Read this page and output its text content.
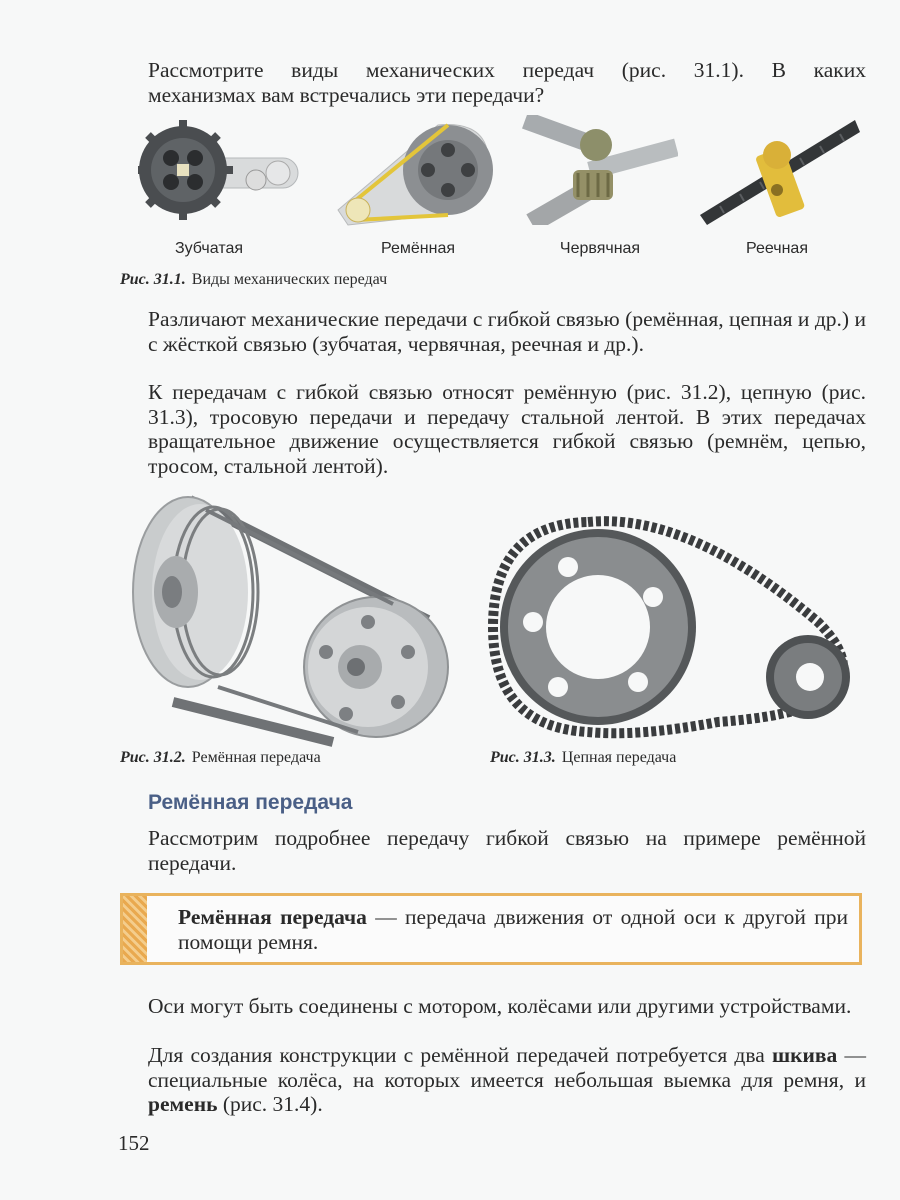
Рассмотрите виды механических передач (рис. 31.1). В каких
механизмах вам встречались эти передачи?
Зубчатая	Ремённая	Червячная	Реечная
Рис. 31.1. Виды механических передач
Различают механические передачи с гибкой связью (ремённая, цепная и др.) и с жёсткой связью (зубчатая, червячная, реечная и др.).
К передачам с гибкой связью относят ремённую (рис. 31.2), цепную (рис. 31.3), тросовую передачи и передачу стальной лентой. В этих передачах вращательное движение осуществляется гибкой связью (ремнём, цепью, тросом, стальной лентой).
Рис. 31.2. Ремённая передача	Рис. 31.3. Цепная передача
Ремённая передача
Рассмотрим подробнее передачу гибкой связью на примере ремённой передачи.
Ремённая передача — передача движения от одной оси к другой при помощи ремня.
Оси могут быть соединены с мотором, колёсами или другими устройствами.
Для создания конструкции с ремённой передачей потребуется два шкива — специальные колёса, на которых имеется небольшая выемка для ремня, и ремень (рис. 31.4).
152
